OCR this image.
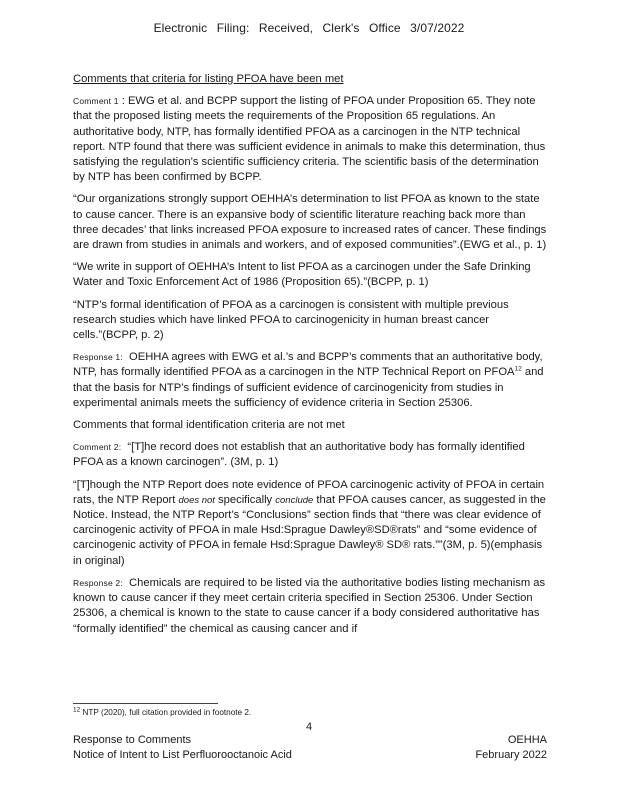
Electronic Filing: Received, Clerk's Office 3/07/2022

Comments that criteria for listing PFOA have been met

Comment 1 : EWG et al. and BCPP support the listing of PFOA under Proposition 65. They note that the proposed listing meets the requirements of the Proposition 65 regulations. An authoritative body, NTP, has formally identified PFOA as a carcinogen in the NTP technical report. NTP found that there was sufficient evidence in animals to make this determination, thus satisfying the regulation’s scientific sufficiency criteria. The scientific basis of the determination by NTP has been confirmed by BCPP.

“Our organizations strongly support OEHHA’s determination to list PFOA as known to the state to cause cancer. There is an expansive body of scientific literature reaching back more than three decades’ that links increased PFOA exposure to increased rates of cancer. These findings are drawn from studies in animals and workers, and of exposed communities”.(EWG et al., p. 1)

“We write in support of OEHHA’s Intent to list PFOA as a carcinogen under the Safe Drinking Water and Toxic Enforcement Act of 1986 (Proposition 65).”(BCPP, p. 1)

“NTP’s formal identification of PFOA as a carcinogen is consistent with multiple previous research studies which have linked PFOA to carcinogenicity in human breast cancer cells.”(BCPP, p. 2)

Response 1: OEHHA agrees with EWG et al.’s and BCPP’s comments that an authoritative body, NTP, has formally identified PFOA as a carcinogen in the NTP Technical Report on PFOA$^{12}$ and that the basis for NTP’s findings of sufficient evidence of carcinogenicity from studies in experimental animals meets the sufficiency of evidence criteria in Section 25306.

Comments that formal identification criteria are not met

Comment 2: “[T]he record does not establish that an authoritative body has formally identified PFOA as a known carcinogen”. (3M, p. 1)

“[T]hough the NTP Report does note evidence of PFOA carcinogenic activity of PFOA in certain rats, the NTP Report does not specifically conclude that PFOA causes cancer, as suggested in the Notice. Instead, the NTP Report’s “Conclusions” section finds that “there was clear evidence of carcinogenic activity of PFOA in male Hsd:Sprague Dawley®SD®rats” and “some evidence of carcinogenic activity of PFOA in female Hsd:Sprague Dawley® SD® rats.””(3M, p. 5)(emphasis in original)

Response 2: Chemicals are required to be listed via the authoritative bodies listing mechanism as known to cause cancer if they meet certain criteria specified in Section 25306. Under Section 25306, a chemical is known to the state to cause cancer if a body considered authoritative has “formally identified” the chemical as causing cancer and if

$^{12}$ NTP (2020), full citation provided in footnote 2.
4
Response to Comments
Notice of Intent to List Perfluorooctanoic Acid
OEHHA
February 2022
